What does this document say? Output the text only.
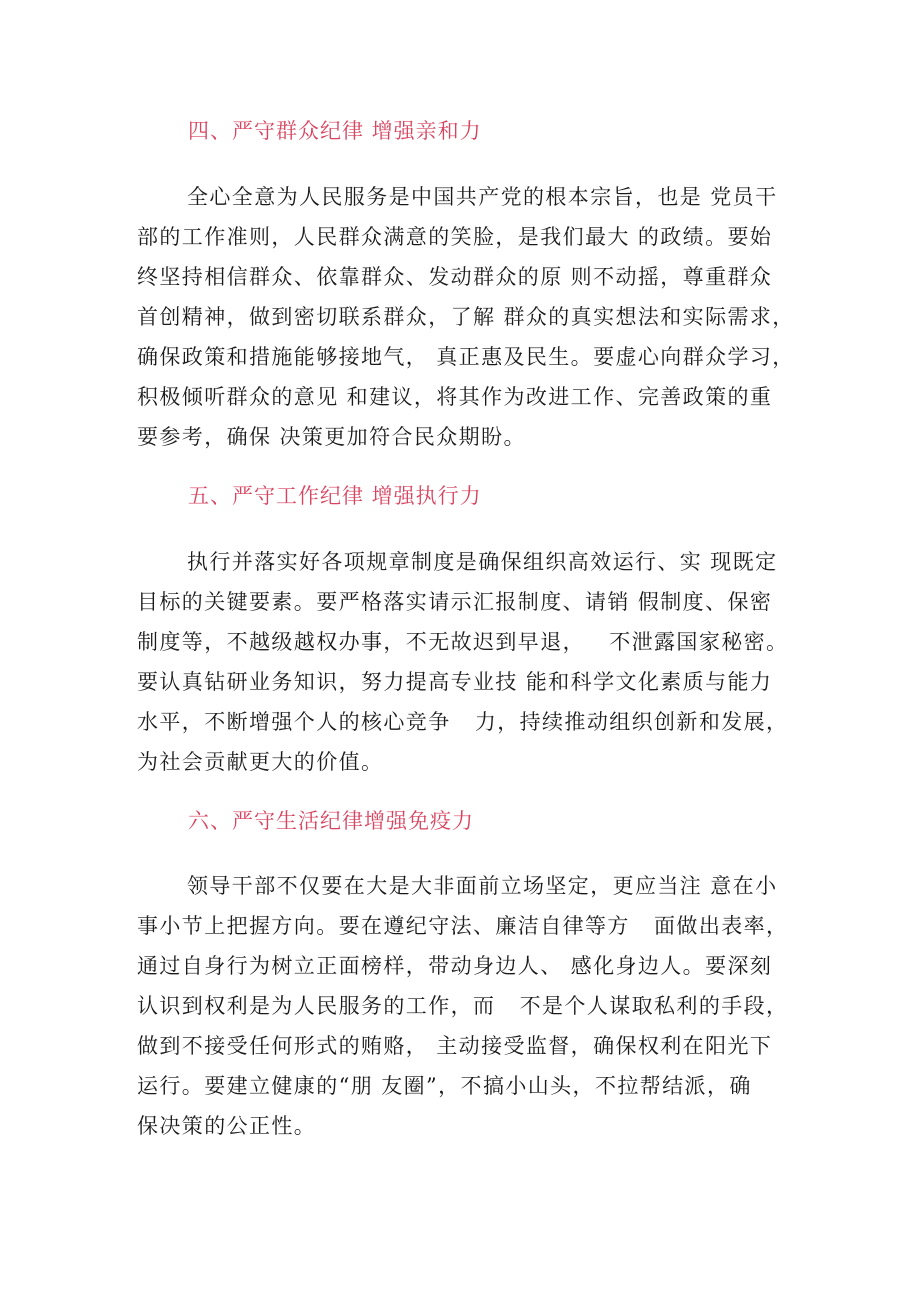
四、严守群众纪律 增强亲和力
全心全意为人民服务是中国共产党的根本宗旨，也是 党员干
部的工作准则，人民群众满意的笑脸，是我们最大 的政绩。要始
终坚持相信群众、依靠群众、发动群众的原 则不动摇，尊重群众
首创精神，做到密切联系群众，了解 群众的真实想法和实际需求，
确保政策和措施能够接地气， 真正惠及民生。要虚心向群众学习，
积极倾听群众的意见 和建议，将其作为改进工作、完善政策的重
要参考，确保 决策更加符合民众期盼。
五、严守工作纪律 增强执行力
执行并落实好各项规章制度是确保组织高效运行、实 现既定
目标的关键要素。要严格落实请示汇报制度、请销 假制度、保密
制度等，不越级越权办事，不无故迟到早退，   不泄露国家秘密。
要认真钻研业务知识，努力提高专业技 能和科学文化素质与能力
水平，不断增强个人的核心竞争   力，持续推动组织创新和发展，
为社会贡献更大的价值。
六、严守生活纪律增强免疫力
领导干部不仅要在大是大非面前立场坚定，更应当注 意在小
事小节上把握方向。要在遵纪守法、廉洁自律等方   面做出表率，
通过自身行为树立正面榜样，带动身边人、 感化身边人。要深刻
认识到权利是为人民服务的工作，而   不是个人谋取私利的手段，
做到不接受任何形式的贿赂， 主动接受监督，确保权利在阳光下
运行。要建立健康的“朋 友圈”，不搞小山头，不拉帮结派，确
保决策的公正性。
